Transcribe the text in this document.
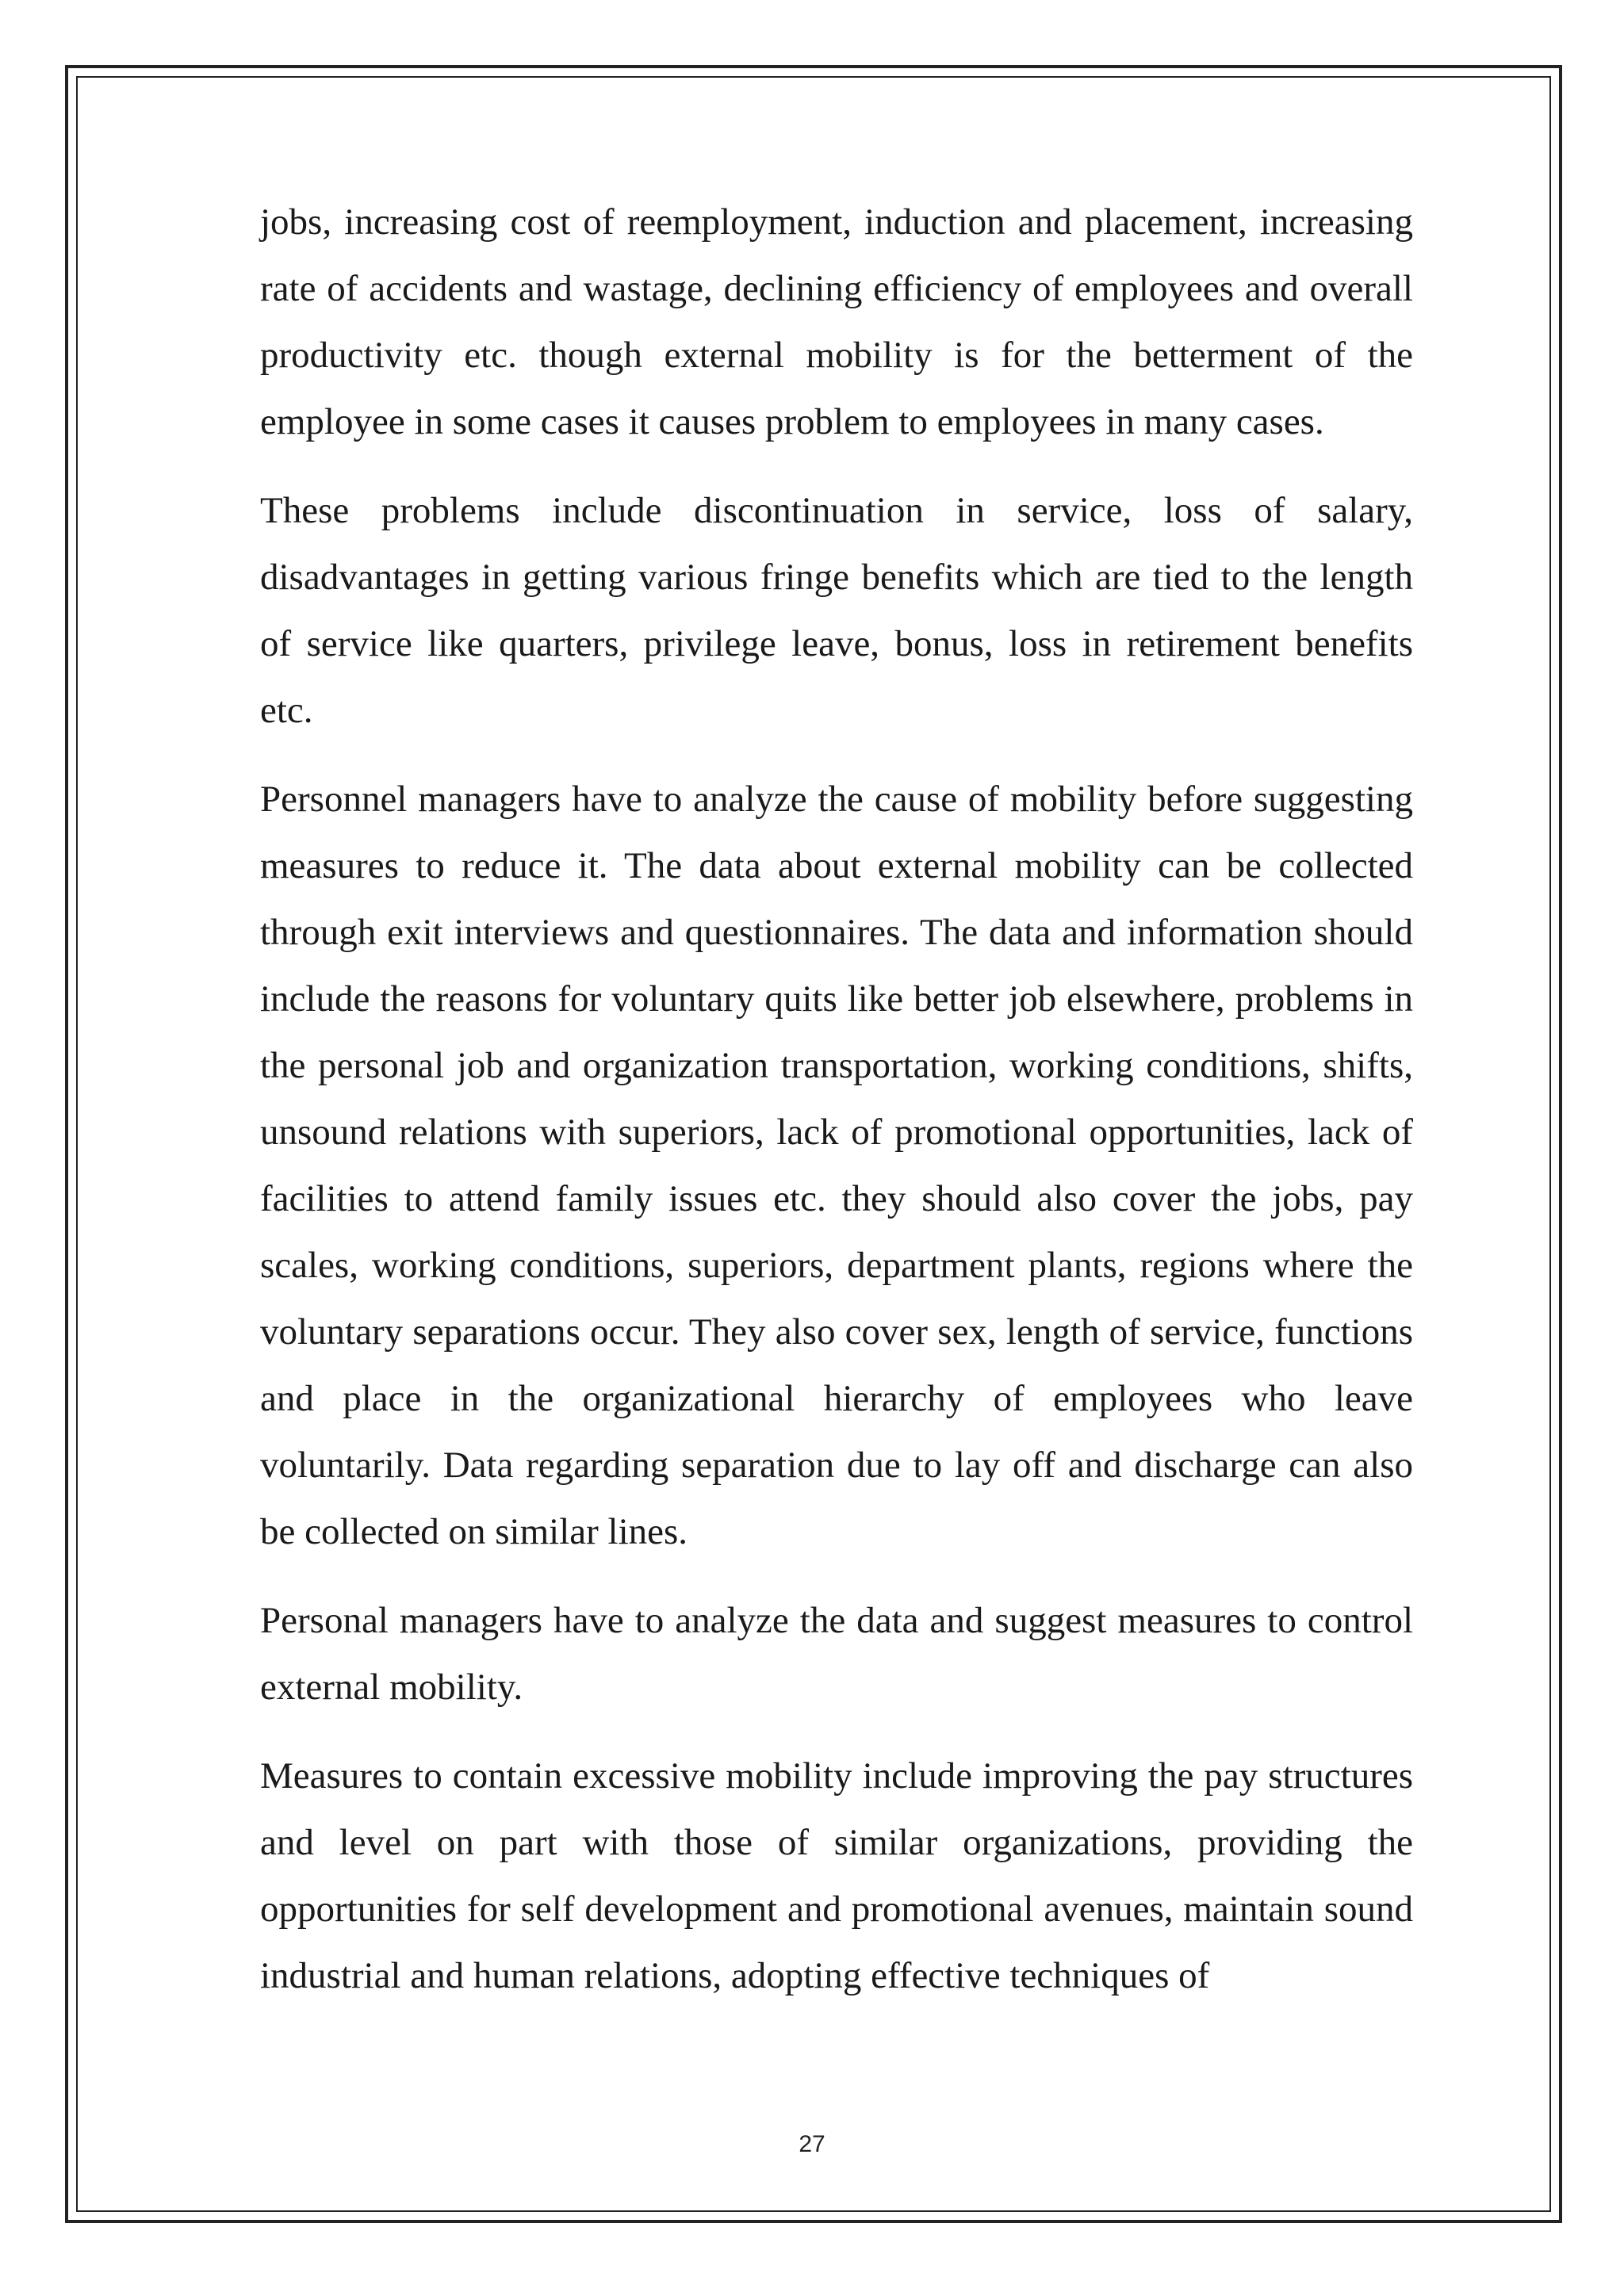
jobs, increasing cost of reemployment, induction and placement, increasing rate of accidents and wastage, declining efficiency of employees and overall productivity etc. though external mobility is for the betterment of the employee in some cases it causes problem to employees in many cases.

These problems include discontinuation in service, loss of salary, disadvantages in getting various fringe benefits which are tied to the length of service like quarters, privilege leave, bonus, loss in retirement benefits etc.

Personnel managers have to analyze the cause of mobility before suggesting measures to reduce it. The data about external mobility can be collected through exit interviews and questionnaires. The data and information should include the reasons for voluntary quits like better job elsewhere, problems in the personal job and organization transportation, working conditions, shifts, unsound relations with superiors, lack of promotional opportunities, lack of facilities to attend family issues etc. they should also cover the jobs, pay scales, working conditions, superiors, department plants, regions where the voluntary separations occur. They also cover sex, length of service, functions and place in the organizational hierarchy of employees who leave voluntarily. Data regarding separation due to lay off and discharge can also be collected on similar lines.

Personal managers have to analyze the data and suggest measures to control external mobility.

Measures to contain excessive mobility include improving the pay structures and level on part with those of similar organizations, providing the opportunities for self development and promotional avenues, maintain sound industrial and human relations, adopting effective techniques of

27
